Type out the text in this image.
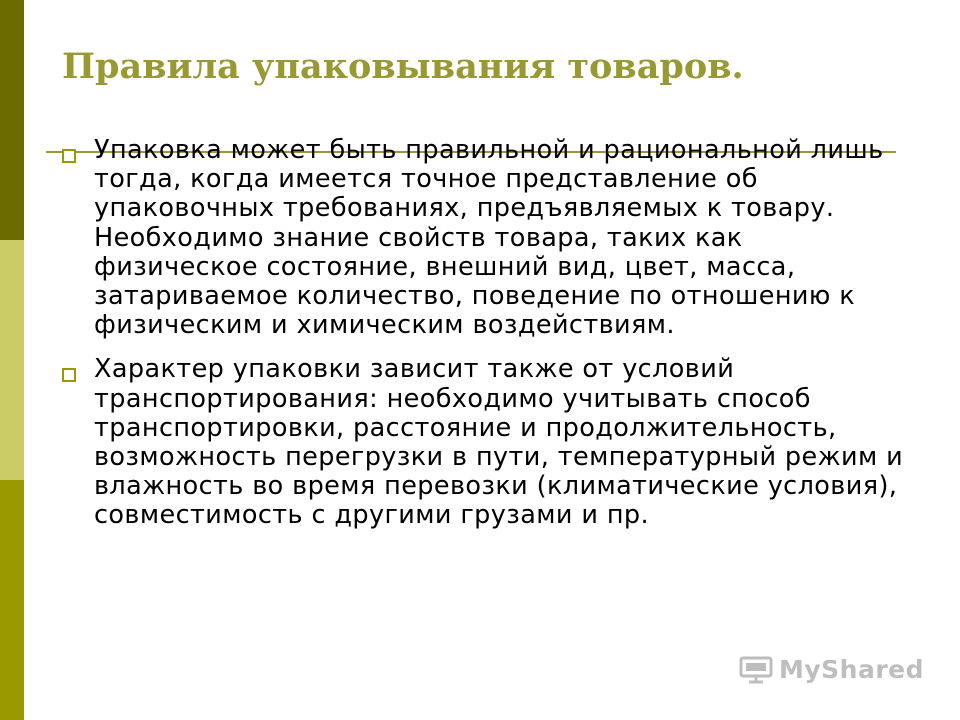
Правила упаковывания товаров.
Упаковка может быть правильной и рациональной лишь тогда, когда имеется точное представление об упаковочных требованиях, предъявляемых к товару. Необходимо знание свойств товара, таких как физическое состояние, внешний вид, цвет, масса, затариваемое количество, поведение по отношению к физическим и химическим воздействиям.
Характер упаковки зависит также от условий транспортирования: необходимо учитывать способ транспортировки, расстояние и продолжительность, возможность перегрузки в пути, температурный режим и влажность во время перевозки (климатические условия), совместимость с другими грузами и пр.
MyShared
